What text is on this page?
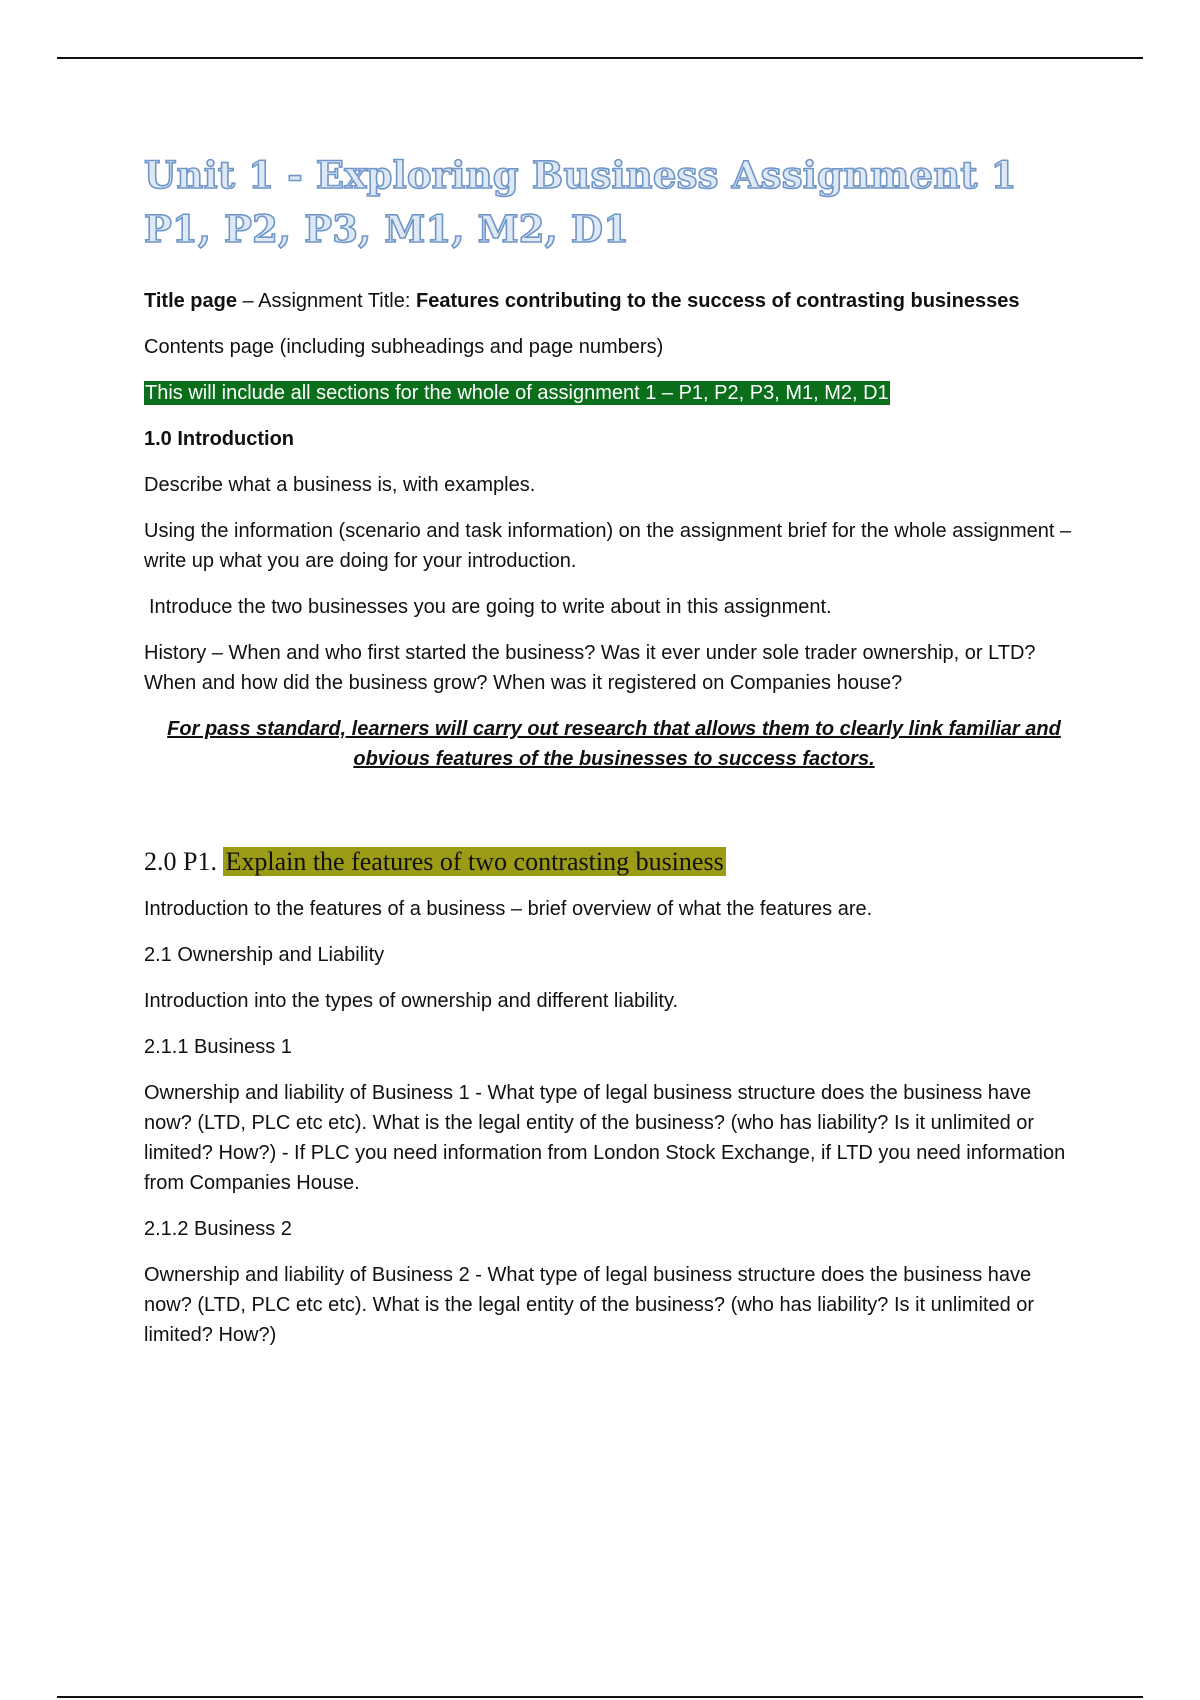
Unit 1 - Exploring Business Assignment 1 P1, P2, P3, M1, M2, D1

Title page – Assignment Title: Features contributing to the success of contrasting businesses

Contents page (including subheadings and page numbers)

This will include all sections for the whole of assignment 1 – P1, P2, P3, M1, M2, D1

1.0 Introduction

Describe what a business is, with examples.

Using the information (scenario and task information) on the assignment brief for the whole assignment – write up what you are doing for your introduction.

Introduce the two businesses you are going to write about in this assignment.

History – When and who first started the business? Was it ever under sole trader ownership, or LTD? When and how did the business grow? When was it registered on Companies house?

For pass standard, learners will carry out research that allows them to clearly link familiar and obvious features of the businesses to success factors.

2.0 P1. Explain the features of two contrasting business

Introduction to the features of a business – brief overview of what the features are.

2.1 Ownership and Liability

Introduction into the types of ownership and different liability.

2.1.1 Business 1

Ownership and liability of Business 1 - What type of legal business structure does the business have now? (LTD, PLC etc etc). What is the legal entity of the business? (who has liability? Is it unlimited or limited? How?) - If PLC you need information from London Stock Exchange, if LTD you need information from Companies House.

2.1.2 Business 2

Ownership and liability of Business 2 - What type of legal business structure does the business have now? (LTD, PLC etc etc). What is the legal entity of the business? (who has liability? Is it unlimited or limited? How?)
